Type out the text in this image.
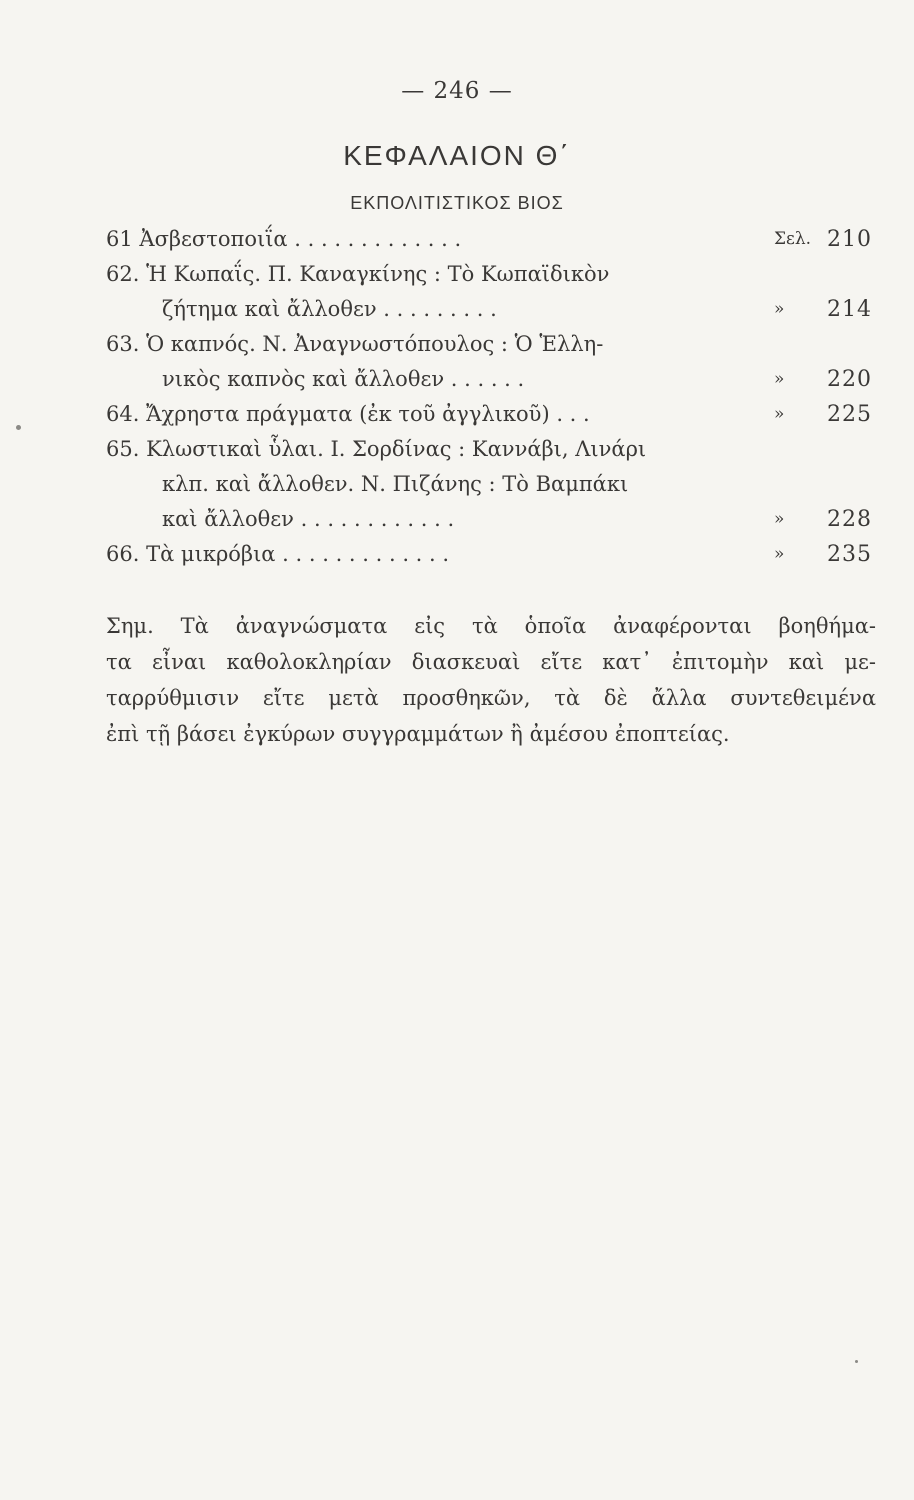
— 246 —
ΚΕΦΑΛΑΙΟΝ Θ΄
ΕΚΠΟΛΙΤΙΣΤΙΚΟΣ ΒΙΟΣ
61 Ἀσβεστοποιΐα . . . . . . . . . . . . .	Σελ. 210
62. Ἡ Κωπαΐς. Π. Καναγκίνης : Τὸ Κωπαϊδικὸν
ζήτημα καὶ ἄλλοθεν . . . . . . . . .	» 214
63. Ὁ καπνός. Ν. Ἀναγνωστόπουλος : Ὁ Ἑλλη-
νικὸς καπνὸς καὶ ἄλλοθεν . . . . . .	» 220
64. Ἄχρηστα πράγματα (ἐκ τοῦ ἀγγλικοῦ) . . .	» 225
65. Κλωστικαὶ ὗλαι. Ι. Σορδίνας : Καννάβι, Λινάρι
κλπ. καὶ ἄλλοθεν. Ν. Πιζάνης : Τὸ Βαμπάκι
καὶ ἄλλοθεν . . . . . . . . . . . .	» 228
66. Τὰ μικρόβια . . . . . . . . . . . . .	» 235
Σημ. Τὰ ἀναγνώσματα εἰς τὰ ὁποῖα ἀναφέρονται βοηθήμα-
τα εἶναι καθολοκληρίαν διασκευαὶ εἴτε κατ᾿ ἐπιτομὴν καὶ με-
ταρρύθμισιν εἴτε μετὰ προσθηκῶν, τὰ δὲ ἄλλα συντεθειμένα
ἐπὶ τῇ βάσει ἐγκύρων συγγραμμάτων ἢ ἀμέσου ἐποπτείας.
